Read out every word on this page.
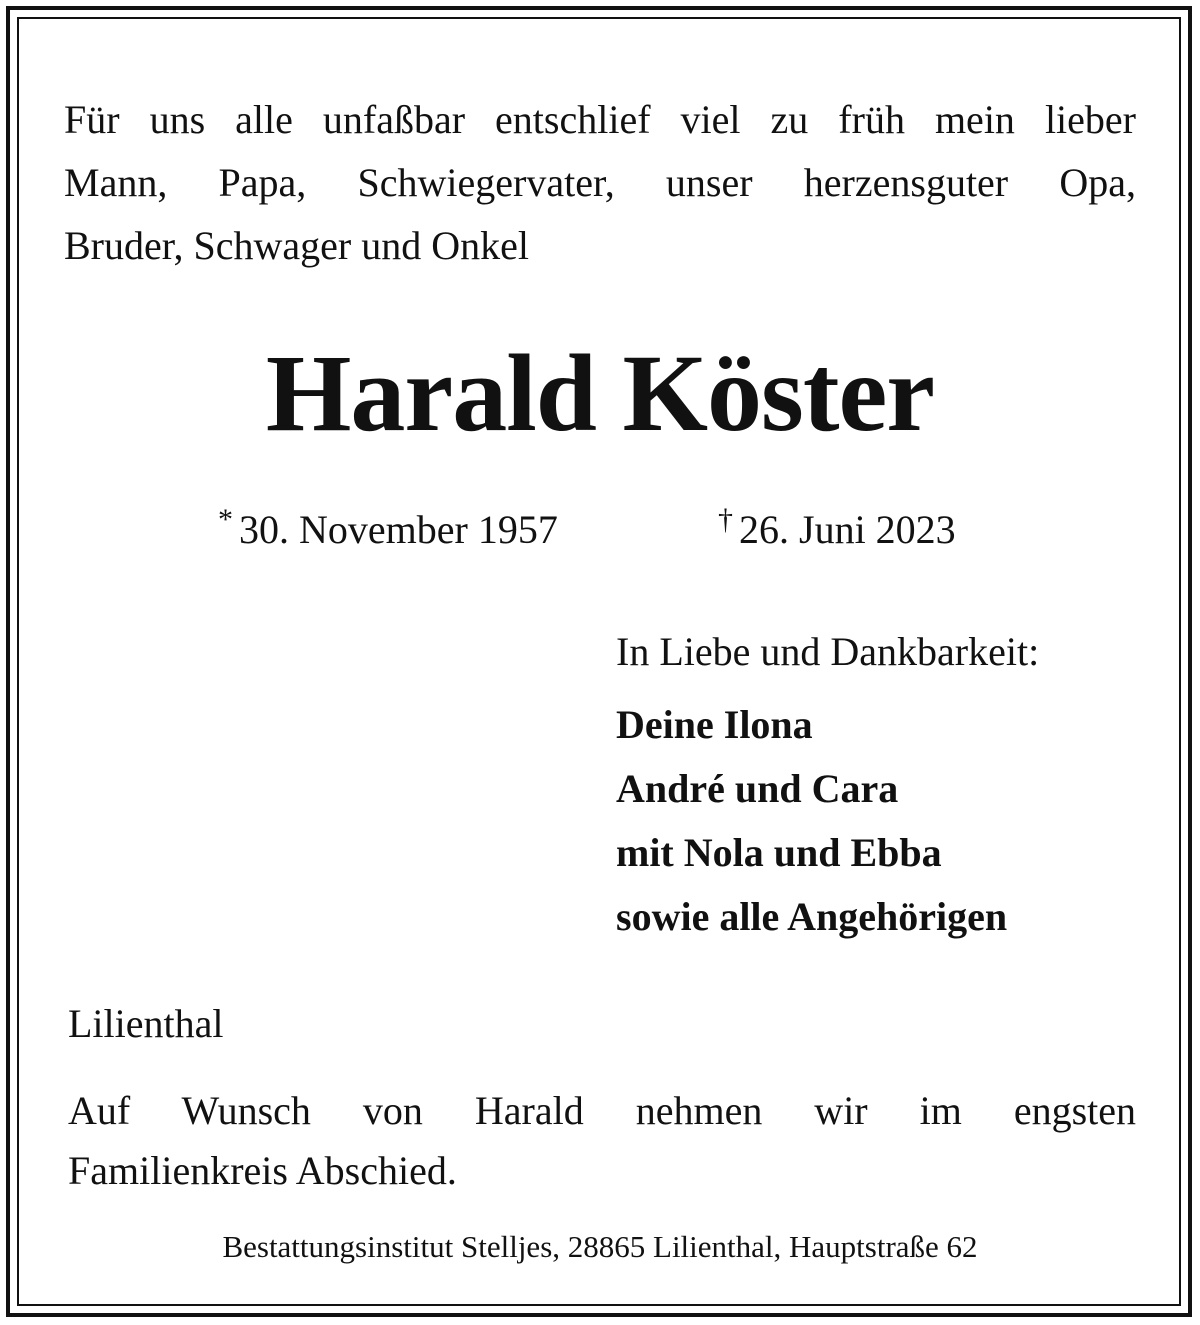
Für uns alle unfaßbar entschlief viel zu früh mein lieber
Mann, Papa, Schwiegervater, unser herzensguter Opa,
Bruder, Schwager und Onkel
Harald Köster
* 30. November 1957	† 26. Juni 2023
In Liebe und Dankbarkeit:
Deine Ilona
André und Cara
mit Nola und Ebba
sowie alle Angehörigen
Lilienthal
Auf Wunsch von Harald nehmen wir im engsten
Familienkreis Abschied.
Bestattungsinstitut Stelljes, 28865 Lilienthal, Hauptstraße 62
